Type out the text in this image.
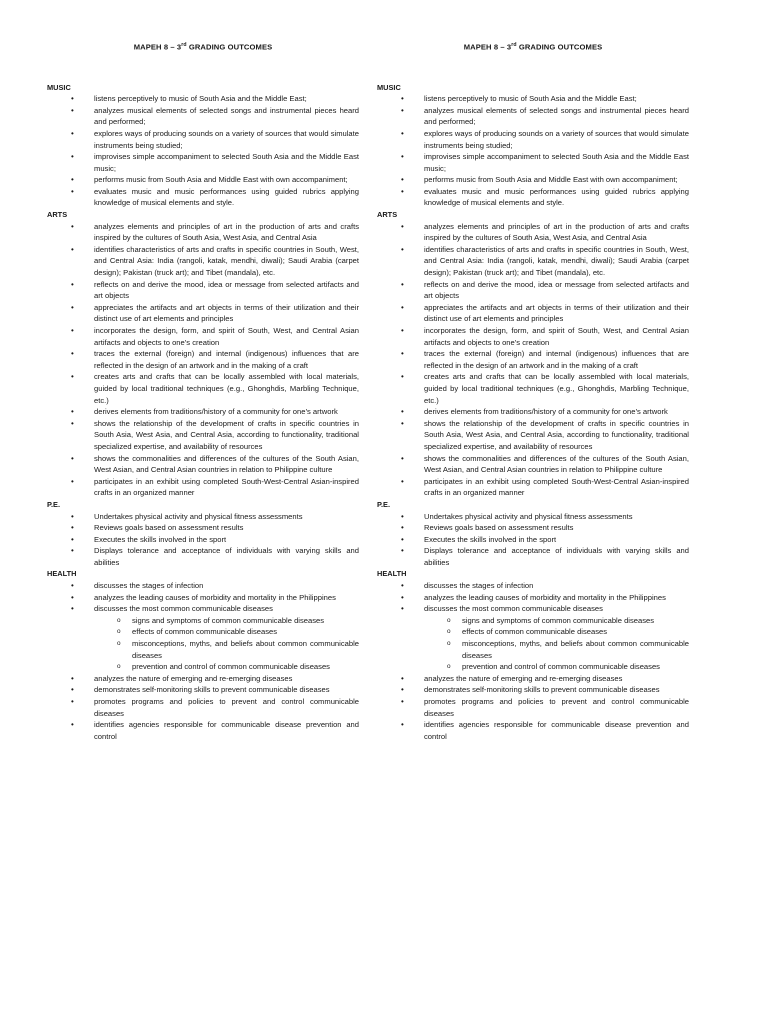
MAPEH 8 – 3rd GRADING OUTCOMES
MUSIC
• listens perceptively to music of South Asia and the Middle East;
• analyzes musical elements of selected songs and instrumental pieces heard and performed;
• explores ways of producing sounds on a variety of sources that would simulate instruments being studied;
• improvises simple accompaniment to selected South Asia and the Middle East music;
• performs music from South Asia and Middle East with own accompaniment;
• evaluates music and music performances using guided rubrics applying knowledge of musical elements and style.
ARTS
• analyzes elements and principles of art in the production of arts and crafts inspired by the cultures of South Asia, West Asia, and Central Asia
• identifies characteristics of arts and crafts in specific countries in South, West, and Central Asia: India (rangoli, katak, mendhi, diwali); Saudi Arabia (carpet design); Pakistan (truck art); and Tibet (mandala), etc.
• reflects on and derive the mood, idea or message from selected artifacts and art objects
• appreciates the artifacts and art objects in terms of their utilization and their distinct use of art elements and principles
• incorporates the design, form, and spirit of South, West, and Central Asian artifacts and objects to one’s creation
• traces the external (foreign) and internal (indigenous) influences that are reflected in the design of an artwork and in the making of a craft
• creates arts and crafts that can be locally assembled with local materials, guided by local traditional techniques (e.g., Ghonghdis, Marbling Technique, etc.)
• derives elements from traditions/history of a community for one’s artwork
• shows the relationship of the development of crafts in specific countries in South Asia, West Asia, and Central Asia, according to functionality, traditional specialized expertise, and availability of resources
• shows the commonalities and differences of the cultures of the South Asian, West Asian, and Central Asian countries in relation to Philippine culture
• participates in an exhibit using completed South-West-Central Asian-inspired crafts in an organized manner
P.E.
• Undertakes physical activity and physical fitness assessments
• Reviews goals based on assessment results
• Executes the skills involved in the sport
• Displays tolerance and acceptance of individuals with varying skills and abilities
HEALTH
• discusses the stages of infection
• analyzes the leading causes of morbidity and mortality in the Philippines
• discusses the most common communicable diseases
o signs and symptoms of common communicable diseases
o effects of common communicable diseases
o misconceptions, myths, and beliefs about common communicable diseases
o prevention and control of common communicable diseases
• analyzes the nature of emerging and re-emerging diseases
• demonstrates self-monitoring skills to prevent communicable diseases
• promotes programs and policies to prevent and control communicable diseases
• identifies agencies responsible for communicable disease prevention and control
MAPEH 8 – 3rd GRADING OUTCOMES
MUSIC
• listens perceptively to music of South Asia and the Middle East;
• analyzes musical elements of selected songs and instrumental pieces heard and performed;
• explores ways of producing sounds on a variety of sources that would simulate instruments being studied;
• improvises simple accompaniment to selected South Asia and the Middle East music;
• performs music from South Asia and Middle East with own accompaniment;
• evaluates music and music performances using guided rubrics applying knowledge of musical elements and style.
ARTS
• analyzes elements and principles of art in the production of arts and crafts inspired by the cultures of South Asia, West Asia, and Central Asia
• identifies characteristics of arts and crafts in specific countries in South, West, and Central Asia: India (rangoli, katak, mendhi, diwali); Saudi Arabia (carpet design); Pakistan (truck art); and Tibet (mandala), etc.
• reflects on and derive the mood, idea or message from selected artifacts and art objects
• appreciates the artifacts and art objects in terms of their utilization and their distinct use of art elements and principles
• incorporates the design, form, and spirit of South, West, and Central Asian artifacts and objects to one’s creation
• traces the external (foreign) and internal (indigenous) influences that are reflected in the design of an artwork and in the making of a craft
• creates arts and crafts that can be locally assembled with local materials, guided by local traditional techniques (e.g., Ghonghdis, Marbling Technique, etc.)
• derives elements from traditions/history of a community for one’s artwork
• shows the relationship of the development of crafts in specific countries in South Asia, West Asia, and Central Asia, according to functionality, traditional specialized expertise, and availability of resources
• shows the commonalities and differences of the cultures of the South Asian, West Asian, and Central Asian countries in relation to Philippine culture
• participates in an exhibit using completed South-West-Central Asian-inspired crafts in an organized manner
P.E.
• Undertakes physical activity and physical fitness assessments
• Reviews goals based on assessment results
• Executes the skills involved in the sport
• Displays tolerance and acceptance of individuals with varying skills and abilities
HEALTH
• discusses the stages of infection
• analyzes the leading causes of morbidity and mortality in the Philippines
• discusses the most common communicable diseases
o signs and symptoms of common communicable diseases
o effects of common communicable diseases
o misconceptions, myths, and beliefs about common communicable diseases
o prevention and control of common communicable diseases
• analyzes the nature of emerging and re-emerging diseases
• demonstrates self-monitoring skills to prevent communicable diseases
• promotes programs and policies to prevent and control communicable diseases
• identifies agencies responsible for communicable disease prevention and control
